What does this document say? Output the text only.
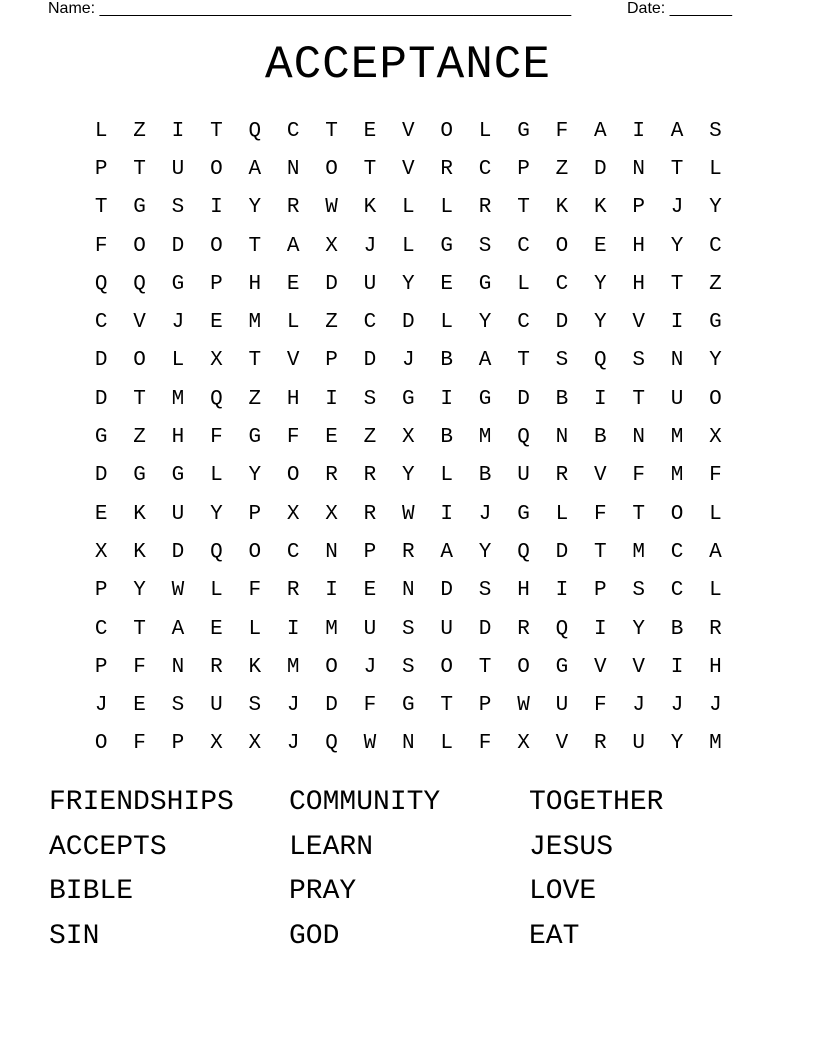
Name: _____________________________________________________	Date: _______
ACCEPTANCE
L	Z	I	T	Q	C	T	E	V	O	L	G	F	A	I	A	S
P	T	U	O	A	N	O	T	V	R	C	P	Z	D	N	T	L
T	G	S	I	Y	R	W	K	L	L	R	T	K	K	P	J	Y
F	O	D	O	T	A	X	J	L	G	S	C	O	E	H	Y	C
Q	Q	G	P	H	E	D	U	Y	E	G	L	C	Y	H	T	Z
C	V	J	E	M	L	Z	C	D	L	Y	C	D	Y	V	I	G
D	O	L	X	T	V	P	D	J	B	A	T	S	Q	S	N	Y
D	T	M	Q	Z	H	I	S	G	I	G	D	B	I	T	U	O
G	Z	H	F	G	F	E	Z	X	B	M	Q	N	B	N	M	X
D	G	G	L	Y	O	R	R	Y	L	B	U	R	V	F	M	F
E	K	U	Y	P	X	X	R	W	I	J	G	L	F	T	O	L
X	K	D	Q	O	C	N	P	R	A	Y	Q	D	T	M	C	A
P	Y	W	L	F	R	I	E	N	D	S	H	I	P	S	C	L
C	T	A	E	L	I	M	U	S	U	D	R	Q	I	Y	B	R
P	F	N	R	K	M	O	J	S	O	T	O	G	V	V	I	H
J	E	S	U	S	J	D	F	G	T	P	W	U	F	J	J	J
O	F	P	X	X	J	Q	W	N	L	F	X	V	R	U	Y	M
FRIENDSHIPS	COMMUNITY	TOGETHER
ACCEPTS	LEARN	JESUS
BIBLE	PRAY	LOVE
SIN	GOD	EAT
